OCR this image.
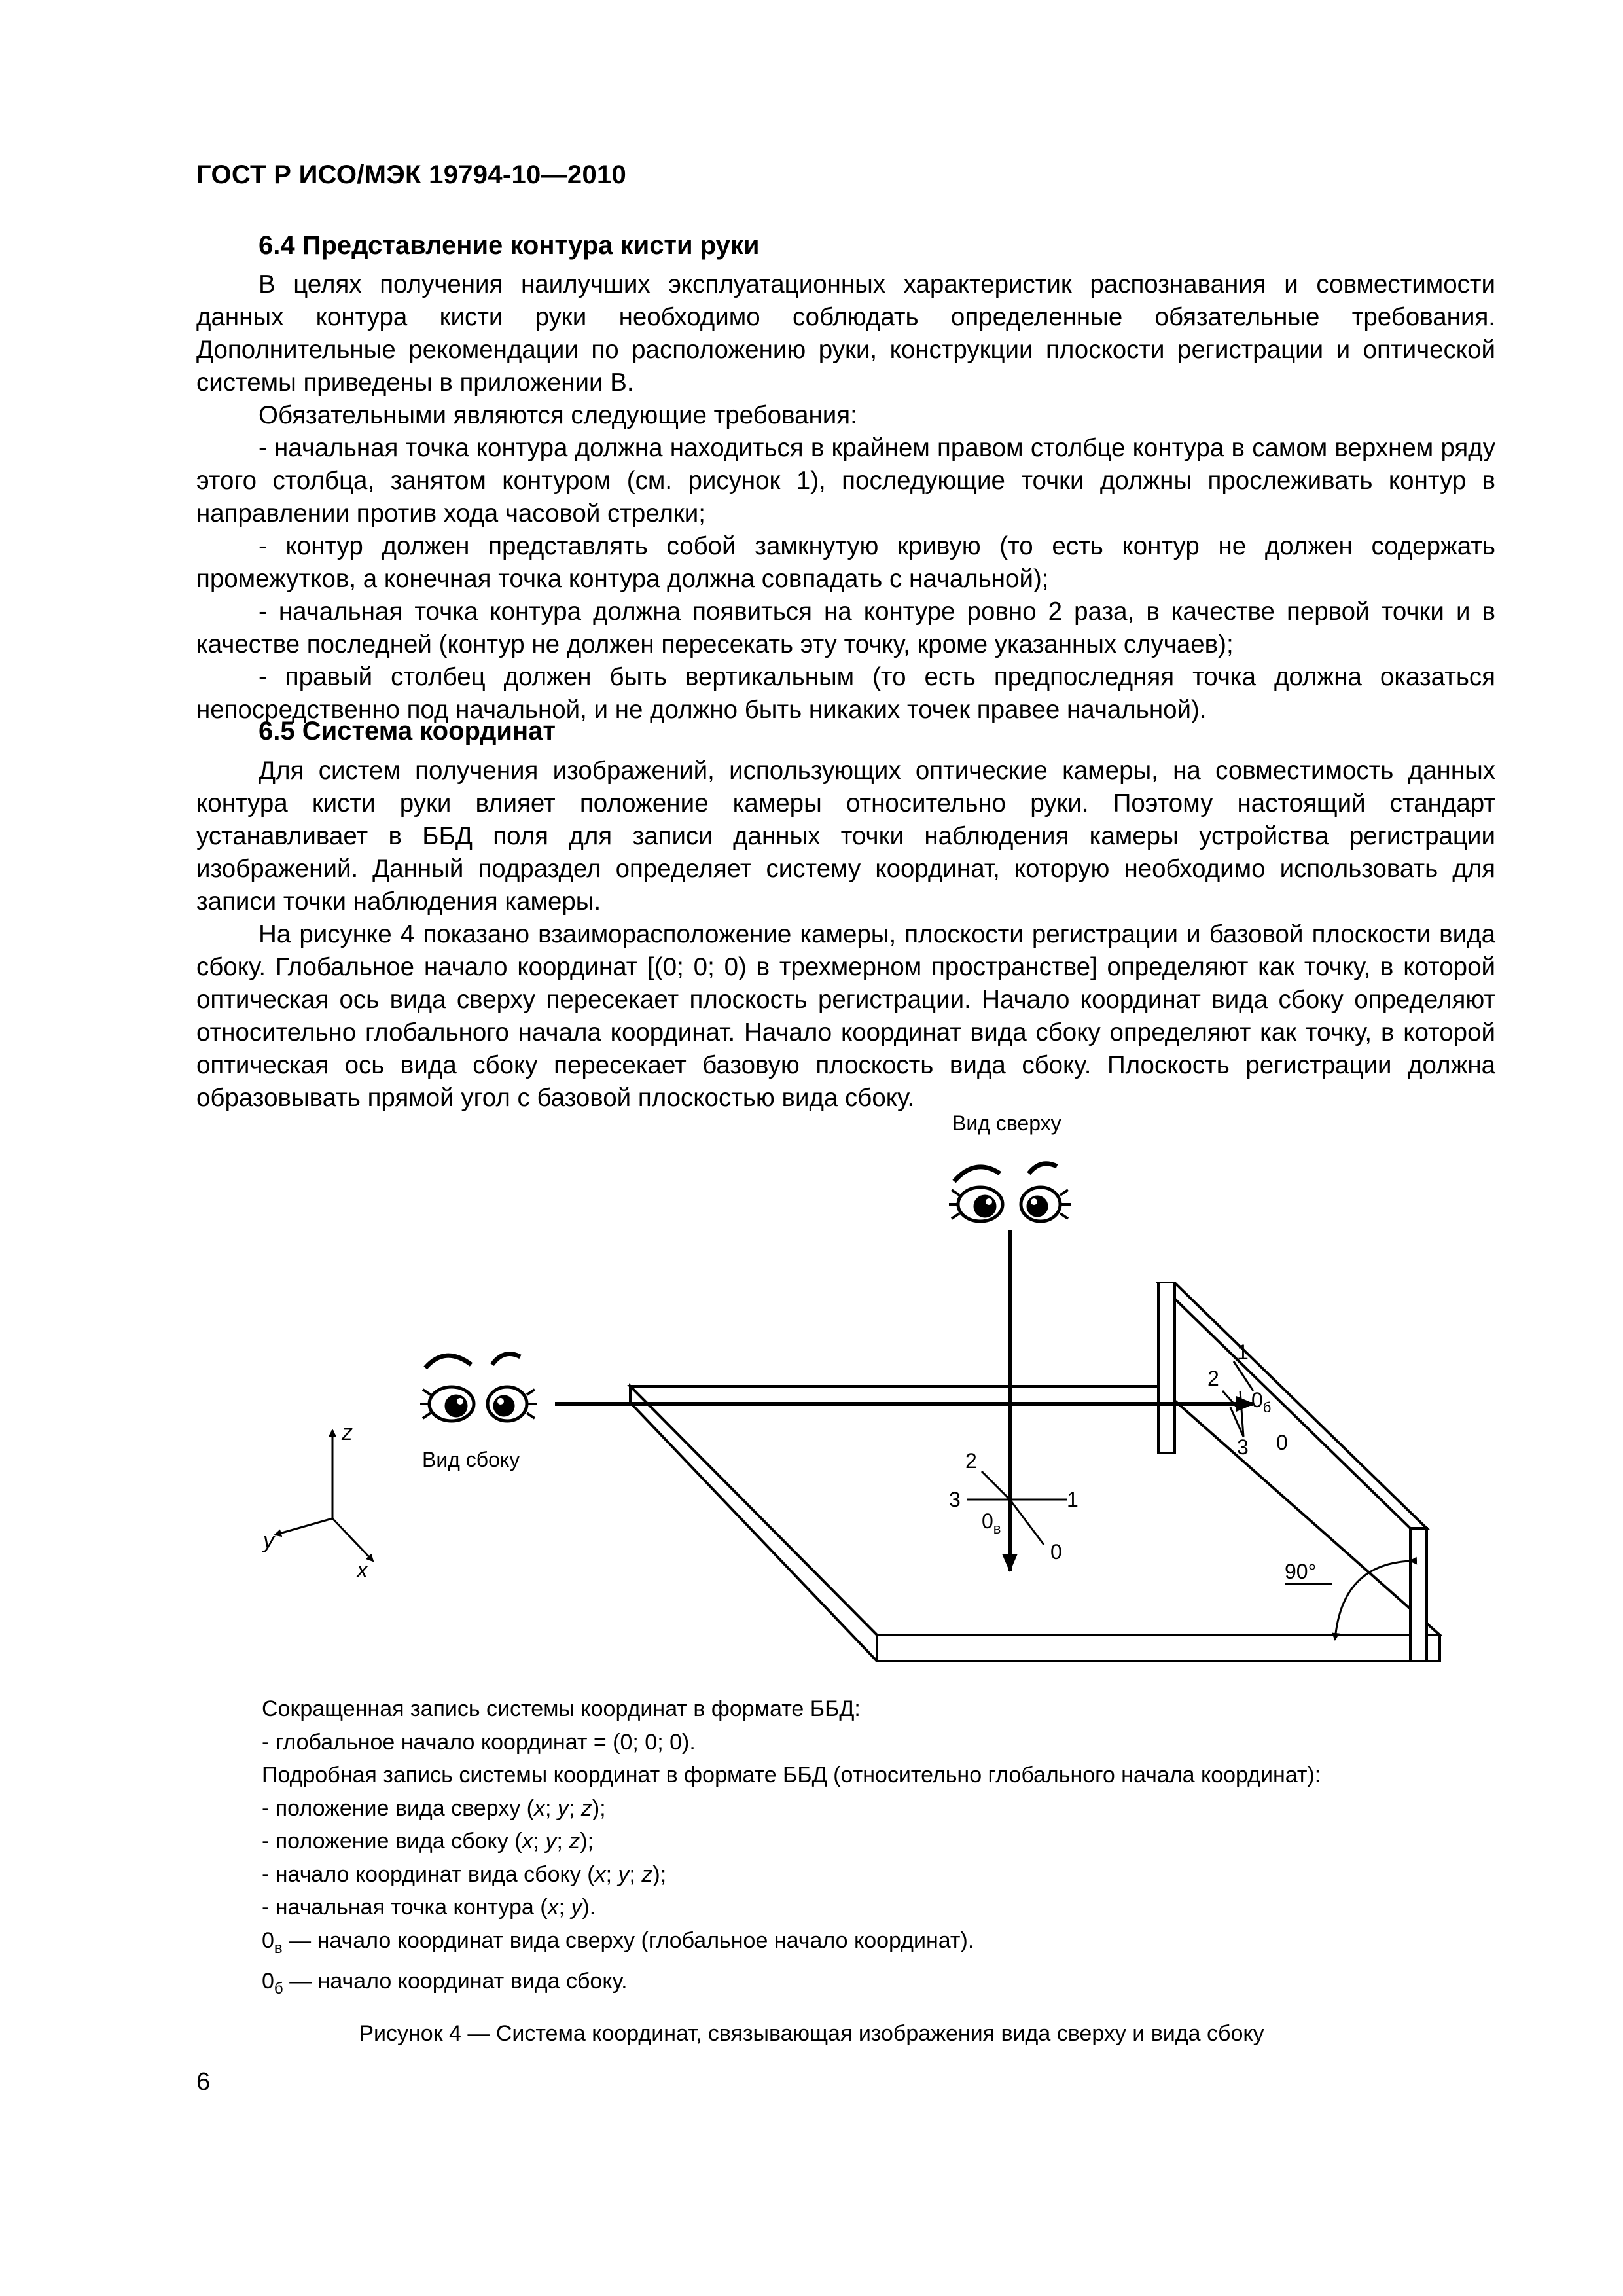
ГОСТ Р ИСО/МЭК 19794-10—2010
6.4 Представление контура кисти руки

В целях получения наилучших эксплуатационных характеристик распознавания и совместимости данных контура кисти руки необходимо соблюдать определенные обязательные требования. Дополнительные рекомендации по расположению руки, конструкции плоскости регистрации и оптической системы приведены в приложении В.

Обязательными являются следующие требования:

- начальная точка контура должна находиться в крайнем правом столбце контура в самом верхнем ряду этого столбца, занятом контуром (см. рисунок 1), последующие точки должны прослеживать контур в направлении против хода часовой стрелки;

- контур должен представлять собой замкнутую кривую (то есть контур не должен содержать промежутков, а конечная точка контура должна совпадать с начальной);

- начальная точка контура должна появиться на контуре ровно 2 раза, в качестве первой точки и в качестве последней (контур не должен пересекать эту точку, кроме указанных случаев);

- правый столбец должен быть вертикальным (то есть предпоследняя точка должна оказаться непосредственно под начальной, и не должно быть никаких точек правее начальной).

6.5 Система координат

Для систем получения изображений, использующих оптические камеры, на совместимость данных контура кисти руки влияет положение камеры относительно руки. Поэтому настоящий стандарт устанавливает в ББД поля для записи данных точки наблюдения камеры устройства регистрации изображений. Данный подраздел определяет систему координат, которую необходимо использовать для записи точки наблюдения камеры.

На рисунке 4 показано взаиморасположение камеры, плоскости регистрации и базовой плоскости вида сбоку. Глобальное начало координат [(0; 0; 0) в трехмерном пространстве] определяют как точку, в которой оптическая ось вида сверху пересекает плоскость регистрации. Начало координат вида сбоку определяют относительно глобального начала координат. Начало координат вида сбоку определяют как точку, в которой оптическая ось вида сбоку пересекает базовую плоскость вида сбоку. Плоскость регистрации должна образовывать прямой угол с базовой плоскостью вида сбоку.

Вид сверху
Вид сбоку	2
3	1
0
$0_в$
1
2
$0_б$
3 0
90°
z
y
x
Сокращенная запись системы координат в формате ББД:
- глобальное начало координат = (0; 0; 0).
Подробная запись системы координат в формате ББД (относительно глобального начала координат):
- положение вида сверху (x; y; z);
- положение вида сбоку (x; y; z);
- начало координат вида сбоку (x; y; z);
- начальная точка контура (x; y).
$0_в$ — начало координат вида сверху (глобальное начало координат).
$0_б$ — начало координат вида сбоку.
Рисунок 4 — Система координат, связывающая изображения вида сверху и вида сбоку
6
